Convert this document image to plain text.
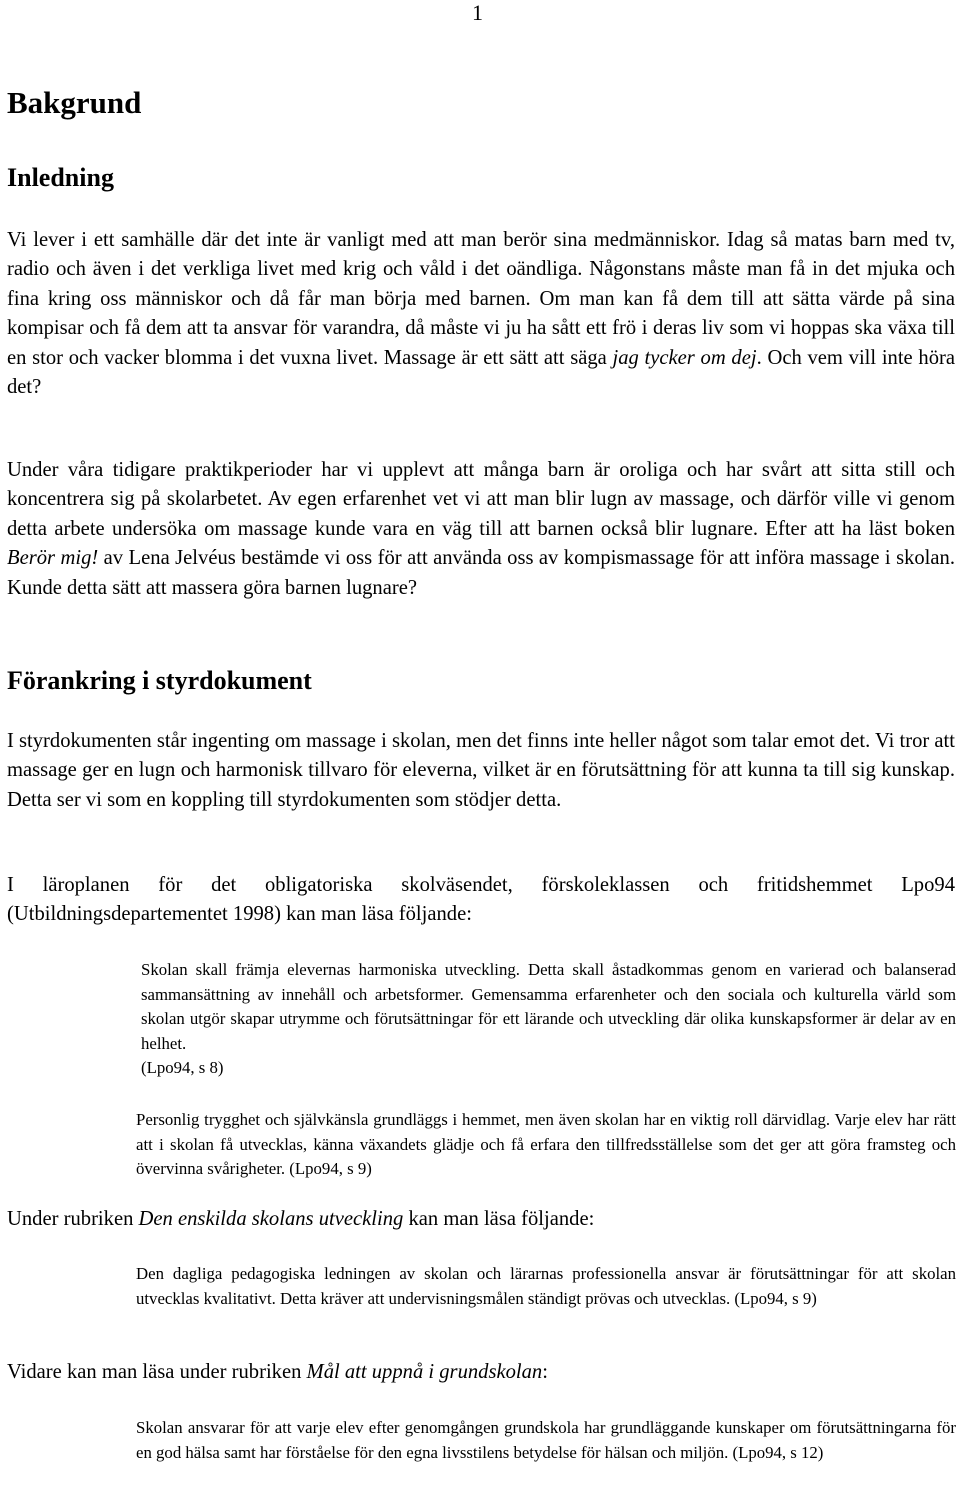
1
Bakgrund
Inledning

Vi lever i ett samhälle där det inte är vanligt med att man berör sina medmänniskor. Idag så matas barn med tv, radio och även i det verkliga livet med krig och våld i det oändliga. Någonstans måste man få in det mjuka och fina kring oss människor och då får man börja med barnen. Om man kan få dem till att sätta värde på sina kompisar och få dem att ta ansvar för varandra, då måste vi ju ha sått ett frö i deras liv som vi hoppas ska växa till en stor och vacker blomma i det vuxna livet. Massage är ett sätt att säga jag tycker om dej. Och vem vill inte höra det?

Under våra tidigare praktikperioder har vi upplevt att många barn är oroliga och har svårt att sitta still och koncentrera sig på skolarbetet. Av egen erfarenhet vet vi att man blir lugn av massage, och därför ville vi genom detta arbete undersöka om massage kunde vara en väg till att barnen också blir lugnare. Efter att ha läst boken Berör mig! av Lena Jelvéus bestämde vi oss för att använda oss av kompismassage för att införa massage i skolan. Kunde detta sätt att massera göra barnen lugnare?

Förankring i styrdokument

I styrdokumenten står ingenting om massage i skolan, men det finns inte heller något som talar emot det. Vi tror att massage ger en lugn och harmonisk tillvaro för eleverna, vilket är en förutsättning för att kunna ta till sig kunskap. Detta ser vi som en koppling till styrdokumenten som stödjer detta.

I läroplanen för det obligatoriska skolväsendet, förskoleklassen och fritidshemmet Lpo94 (Utbildningsdepartementet 1998) kan man läsa följande:

Skolan skall främja elevernas harmoniska utveckling. Detta skall åstadkommas genom en varierad och balanserad sammansättning av innehåll och arbetsformer. Gemensamma erfarenheter och den sociala och kulturella värld som skolan utgör skapar utrymme och förutsättningar för ett lärande och utveckling där olika kunskapsformer är delar av en helhet.
(Lpo94, s 8)

Personlig trygghet och självkänsla grundläggs i hemmet, men även skolan har en viktig roll därvidlag. Varje elev har rätt att i skolan få utvecklas, känna växandets glädje och få erfara den tillfredsställelse som det ger att göra framsteg och övervinna svårigheter. (Lpo94, s 9)

Under rubriken Den enskilda skolans utveckling kan man läsa följande:

Den dagliga pedagogiska ledningen av skolan och lärarnas professionella ansvar är förutsättningar för att skolan utvecklas kvalitativt. Detta kräver att undervisningsmålen ständigt prövas och utvecklas. (Lpo94, s 9)

Vidare kan man läsa under rubriken Mål att uppnå i grundskolan:

Skolan ansvarar för att varje elev efter genomgången grundskola har grundläggande kunskaper om förutsättningarna för en god hälsa samt har förståelse för den egna livsstilens betydelse för hälsan och miljön. (Lpo94, s 12)
